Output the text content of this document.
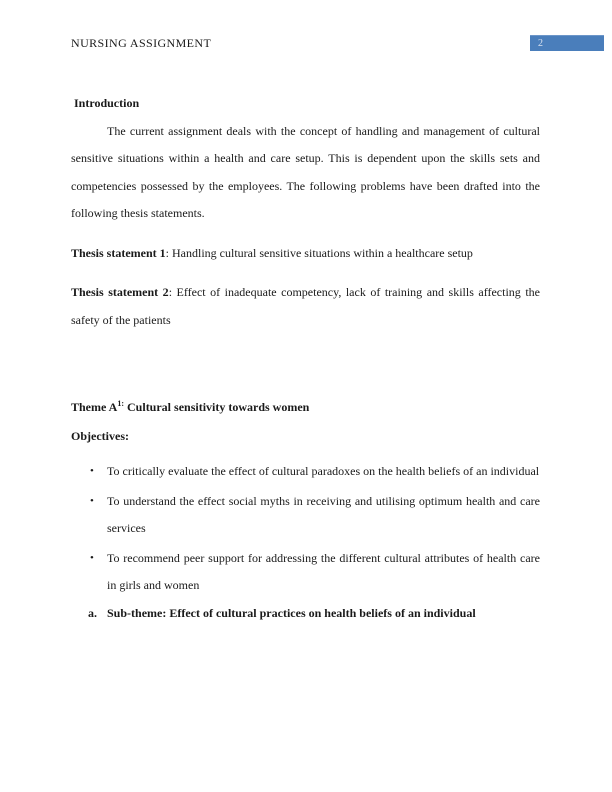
NURSING ASSIGNMENT	2
Introduction
The current assignment deals with the concept of handling and management of cultural sensitive situations within a health and care setup. This is dependent upon the skills sets and competencies possessed by the employees. The following problems have been drafted into the following thesis statements.
Thesis statement 1: Handling cultural sensitive situations within a healthcare setup
Thesis statement 2: Effect of inadequate competency, lack of training and skills affecting the safety of the patients
Theme $A^{1:}$ Cultural sensitivity towards women
Objectives:
• To critically evaluate the effect of cultural paradoxes on the health beliefs of an individual
• To understand the effect social myths in receiving and utilising optimum health and care services
• To recommend peer support for addressing the different cultural attributes of health care in girls and women
a. Sub-theme: Effect of cultural practices on health beliefs of an individual
